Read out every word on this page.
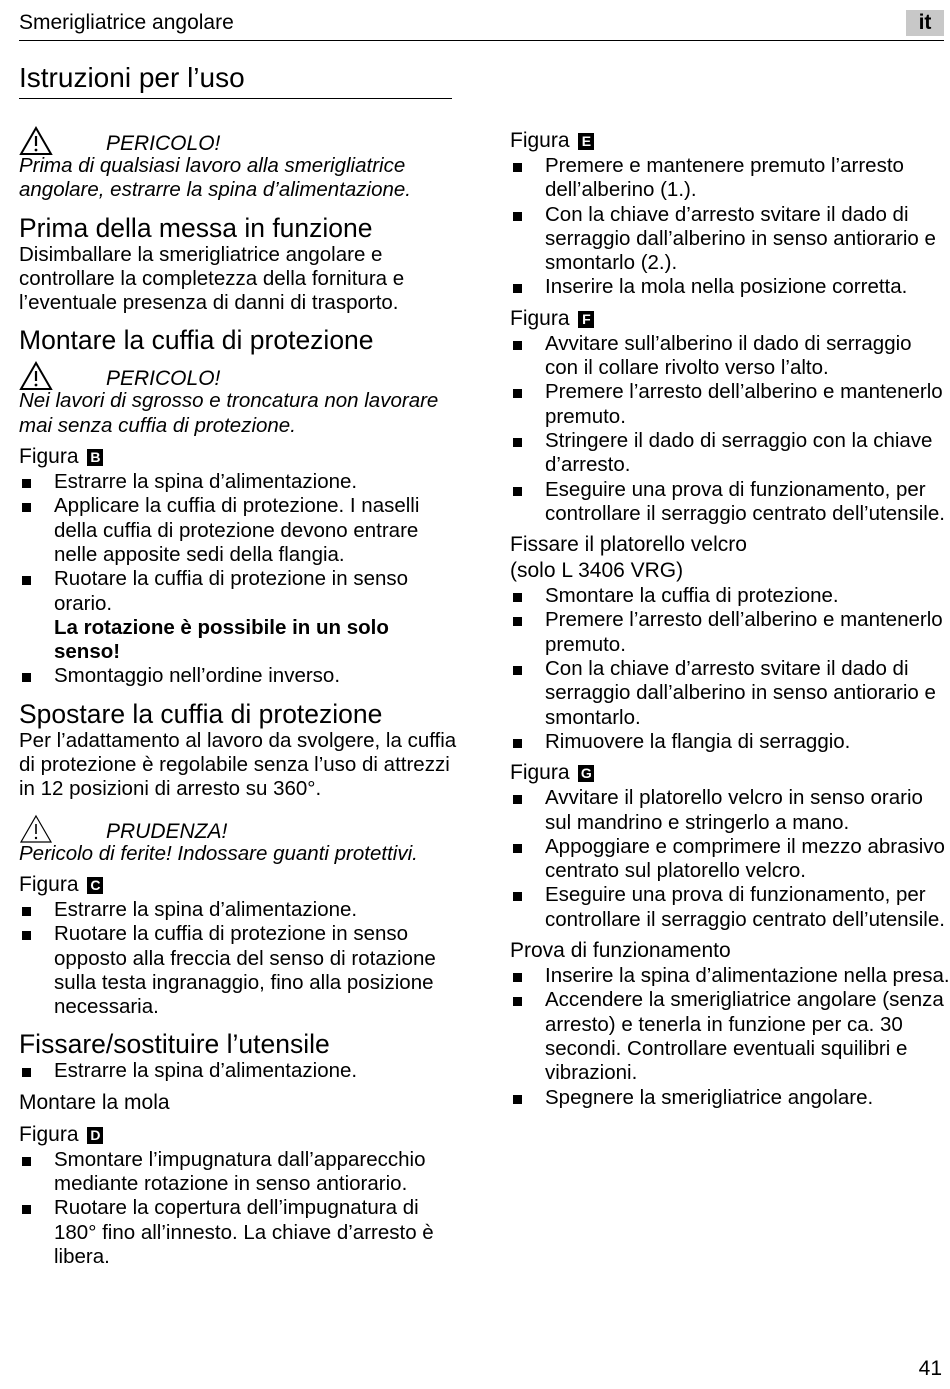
Smerigliatrice angolare	it
Istruzioni per l’uso
PERICOLO!
Prima di qualsiasi lavoro alla smerigliatrice angolare, estrarre la spina d’alimentazione.
Prima della messa in funzione
Disimballare la smerigliatrice angolare e controllare la completezza della fornitura e l’eventuale presenza di danni di trasporto.
Montare la cuffia di protezione
PERICOLO!
Nei lavori di sgrosso e troncatura non lavorare mai senza cuffia di protezione.
Figura B
Estrarre la spina d’alimentazione.
Applicare la cuffia di protezione. I naselli della cuffia di protezione devono entrare nelle apposite sedi della flangia.
Ruotare la cuffia di protezione in senso orario.
La rotazione è possibile in un solo senso!
Smontaggio nell’ordine inverso.
Spostare la cuffia di protezione
Per l’adattamento al lavoro da svolgere, la cuffia di protezione è regolabile senza l’uso di attrezzi in 12 posizioni di arresto su 360°.
PRUDENZA!
Pericolo di ferite! Indossare guanti protettivi.
Figura C
Estrarre la spina d’alimentazione.
Ruotare la cuffia di protezione in senso opposto alla freccia del senso di rotazione sulla testa ingranaggio, fino alla posizione necessaria.
Fissare/sostituire l’utensile
Estrarre la spina d’alimentazione.
Montare la mola
Figura D
Smontare l’impugnatura dall’apparecchio mediante rotazione in senso antiorario.
Ruotare la copertura dell’impugnatura di 180° fino all’innesto. La chiave d’arresto è libera.
Figura E
Premere e mantenere premuto l’arresto dell’alberino (1.).
Con la chiave d’arresto svitare il dado di serraggio dall’alberino in senso antiorario e smontarlo (2.).
Inserire la mola nella posizione corretta.
Figura F
Avvitare sull’alberino il dado di serraggio con il collare rivolto verso l’alto.
Premere l’arresto dell’alberino e mantenerlo premuto.
Stringere il dado di serraggio con la chiave d’arresto.
Eseguire una prova di funzionamento, per controllare il serraggio centrato dell’utensile.
Fissare il platorello velcro
(solo L 3406 VRG)
Smontare la cuffia di protezione.
Premere l’arresto dell’alberino e mantenerlo premuto.
Con la chiave d’arresto svitare il dado di serraggio dall’alberino in senso antiorario e smontarlo.
Rimuovere la flangia di serraggio.
Figura G
Avvitare il platorello velcro in senso orario sul mandrino e stringerlo a mano.
Appoggiare e comprimere il mezzo abrasivo centrato sul platorello velcro.
Eseguire una prova di funzionamento, per controllare il serraggio centrato dell’utensile.
Prova di funzionamento
Inserire la spina d’alimentazione nella presa.
Accendere la smerigliatrice angolare (senza arresto) e tenerla in funzione per ca. 30 secondi. Controllare eventuali squilibri e vibrazioni.
Spegnere la smerigliatrice angolare.
41
